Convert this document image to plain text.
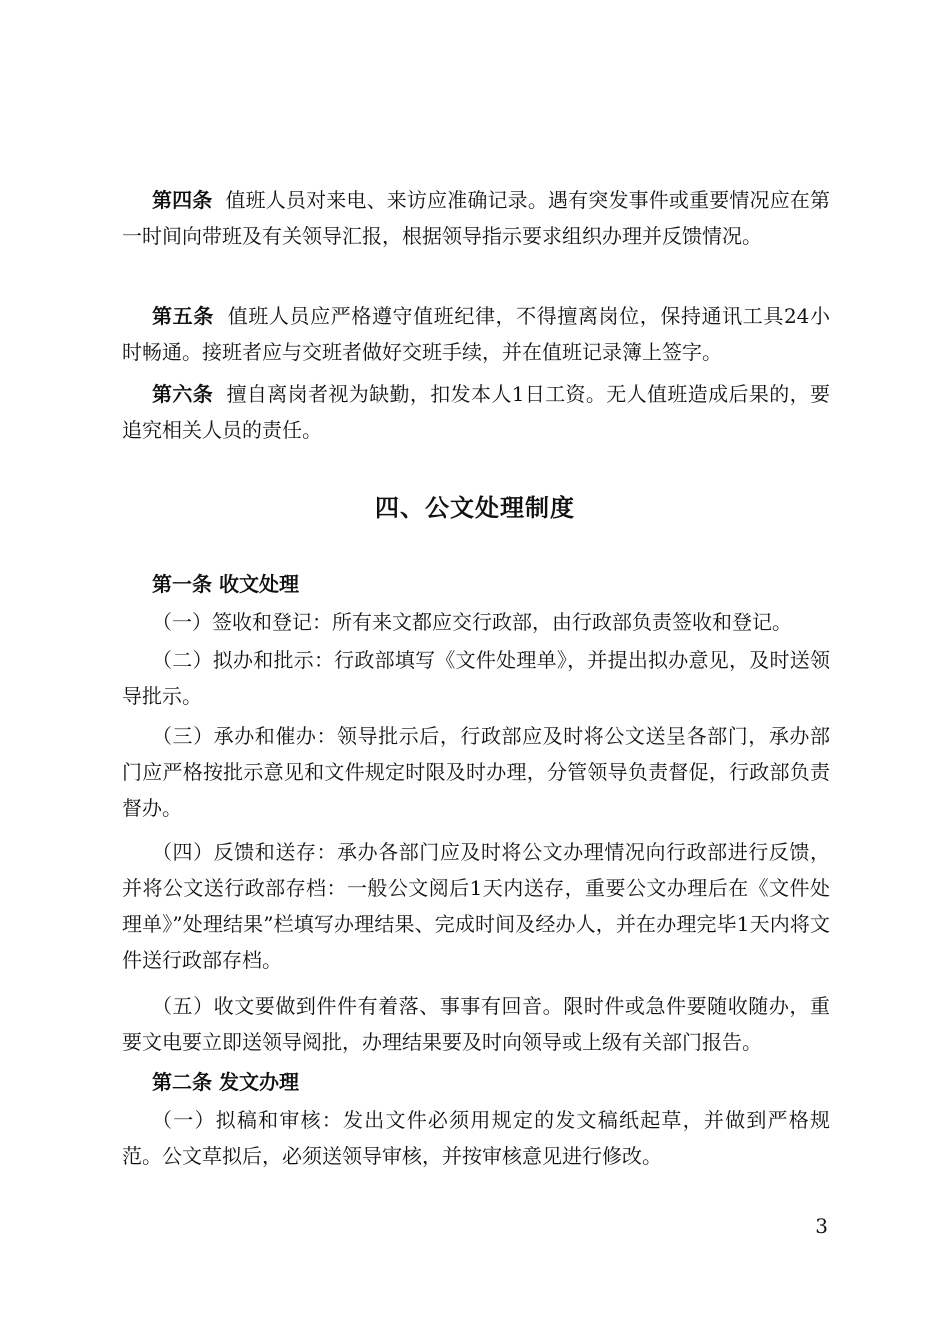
第四条 值班人员对来电、来访应准确记录。遇有突发事件或重要情况应在第一时间向带班及有关领导汇报，根据领导指示要求组织办理并反馈情况。

第五条 值班人员应严格遵守值班纪律，不得擅离岗位，保持通讯工具24小时畅通。接班者应与交班者做好交班手续，并在值班记录簿上签字。

第六条 擅自离岗者视为缺勤，扣发本人1日工资。无人值班造成后果的，要追究相关人员的责任。

四、公文处理制度

第一条 收文处理

（一）签收和登记：所有来文都应交行政部，由行政部负责签收和登记。

（二）拟办和批示：行政部填写《文件处理单》，并提出拟办意见，及时送领导批示。

（三）承办和催办：领导批示后，行政部应及时将公文送呈各部门，承办部门应严格按批示意见和文件规定时限及时办理，分管领导负责督促，行政部负责督办。

（四）反馈和送存：承办各部门应及时将公文办理情况向行政部进行反馈，并将公文送行政部存档：一般公文阅后1天内送存，重要公文办理后在《文件处理单》”处理结果”栏填写办理结果、完成时间及经办人，并在办理完毕1天内将文件送行政部存档。

（五）收文要做到件件有着落、事事有回音。限时件或急件要随收随办，重要文电要立即送领导阅批，办理结果要及时向领导或上级有关部门报告。

第二条 发文办理

（一）拟稿和审核：发出文件必须用规定的发文稿纸起草，并做到严格规范。公文草拟后，必须送领导审核，并按审核意见进行修改。

3
